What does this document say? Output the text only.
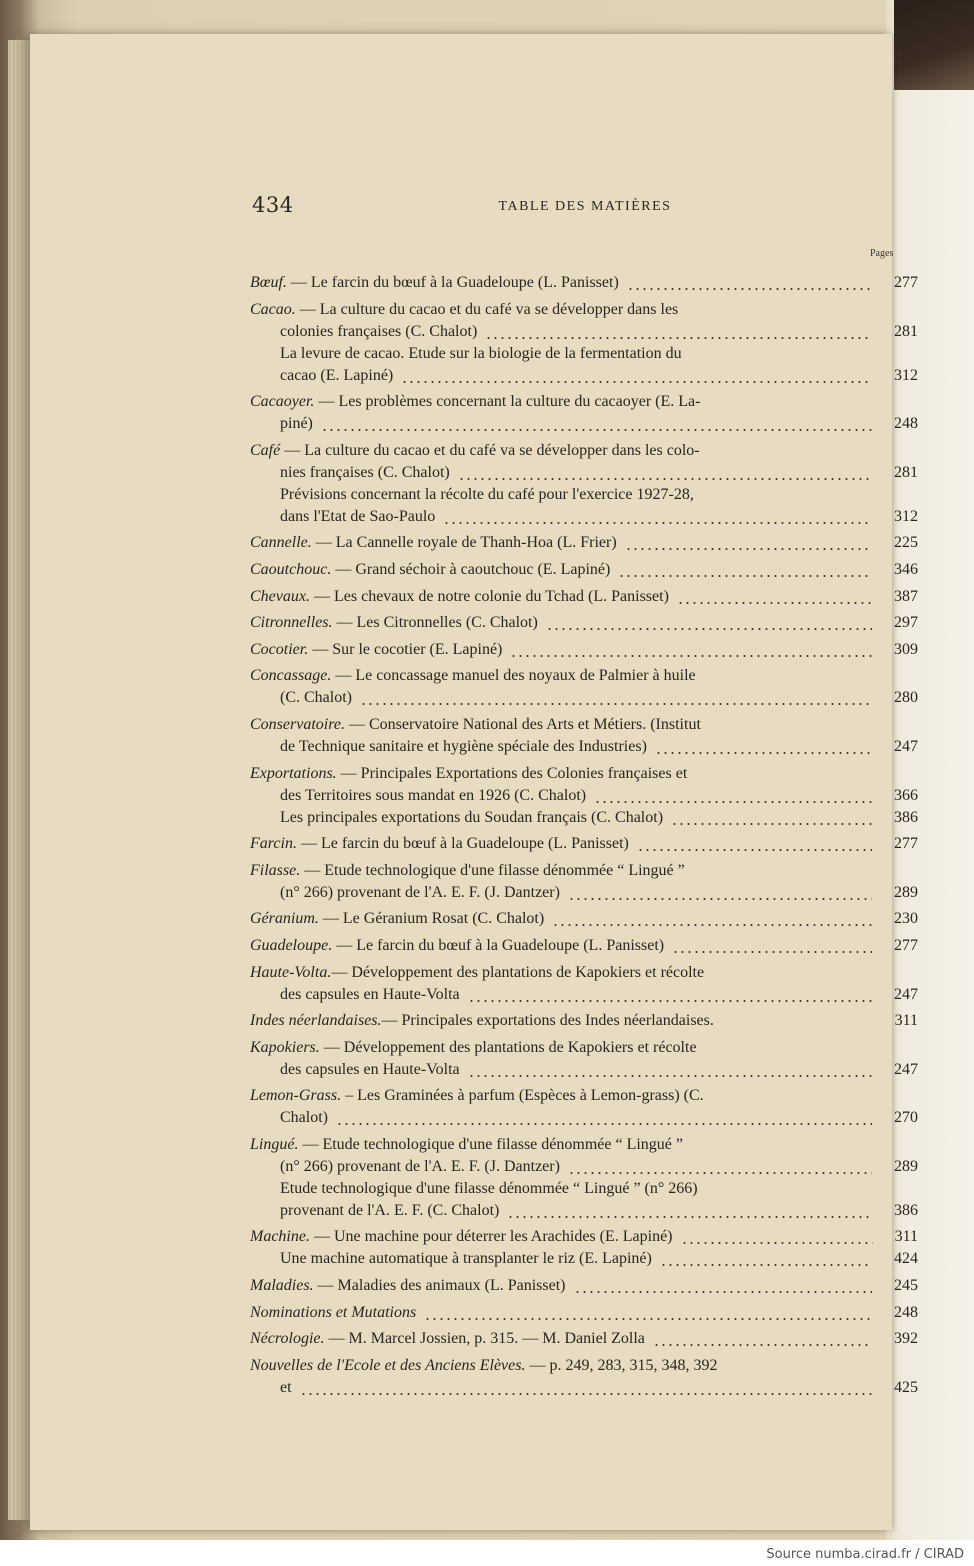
434	TABLE DES MATIÈRES
Pages
Bœuf. — Le farcin du bœuf à la Guadeloupe (L. Panisset)	277
Cacao. — La culture du cacao et du café va se développer dans les
colonies françaises (C. Chalot)	281
La levure de cacao. Etude sur la biologie de la fermentation du
cacao (E. Lapiné)	312
Cacaoyer. — Les problèmes concernant la culture du cacaoyer (E. La-
piné)	248
Café — La culture du cacao et du café va se développer dans les colo-
nies françaises (C. Chalot)	281
Prévisions concernant la récolte du café pour l'exercice 1927-28,
dans l'Etat de Sao-Paulo	312
Cannelle. — La Cannelle royale de Thanh-Hoa (L. Frier)	225
Caoutchouc. — Grand séchoir à caoutchouc (E. Lapiné)	346
Chevaux. — Les chevaux de notre colonie du Tchad (L. Panisset)	387
Citronnelles. — Les Citronnelles (C. Chalot)	297
Cocotier. — Sur le cocotier (E. Lapiné)	309
Concassage. — Le concassage manuel des noyaux de Palmier à huile
(C. Chalot)	280
Conservatoire. — Conservatoire National des Arts et Métiers. (Institut
de Technique sanitaire et hygiène spéciale des Industries)	247
Exportations. — Principales Exportations des Colonies françaises et
des Territoires sous mandat en 1926 (C. Chalot)	366
Les principales exportations du Soudan français (C. Chalot)	386
Farcin. — Le farcin du bœuf à la Guadeloupe (L. Panisset)	277
Filasse. — Etude technologique d'une filasse dénommée “ Lingué ”
(n° 266) provenant de l'A. E. F. (J. Dantzer)	289
Géranium. — Le Géranium Rosat (C. Chalot)	230
Guadeloupe. — Le farcin du bœuf à la Guadeloupe (L. Panisset)	277
Haute-Volta.— Développement des plantations de Kapokiers et récolte
des capsules en Haute-Volta	247
Indes néerlandaises.— Principales exportations des Indes néerlandaises.	311
Kapokiers. — Développement des plantations de Kapokiers et récolte
des capsules en Haute-Volta	247
Lemon-Grass. – Les Graminées à parfum (Espèces à Lemon-grass) (C.
Chalot)	270
Lingué. — Etude technologique d'une filasse dénommée “ Lingué ”
(n° 266) provenant de l'A. E. F. (J. Dantzer)	289
Etude technologique d'une filasse dénommée “ Lingué ” (n° 266)
provenant de l'A. E. F. (C. Chalot)	386
Machine. — Une machine pour déterrer les Arachides (E. Lapiné)	311
Une machine automatique à transplanter le riz (E. Lapiné)	424
Maladies. — Maladies des animaux (L. Panisset)	245
Nominations et Mutations	248
Nécrologie. — M. Marcel Jossien, p. 315. — M. Daniel Zolla	392
Nouvelles de l'Ecole et des Anciens Elèves. — p. 249, 283, 315, 348, 392
et	425
Source numba.cirad.fr / CIRAD
